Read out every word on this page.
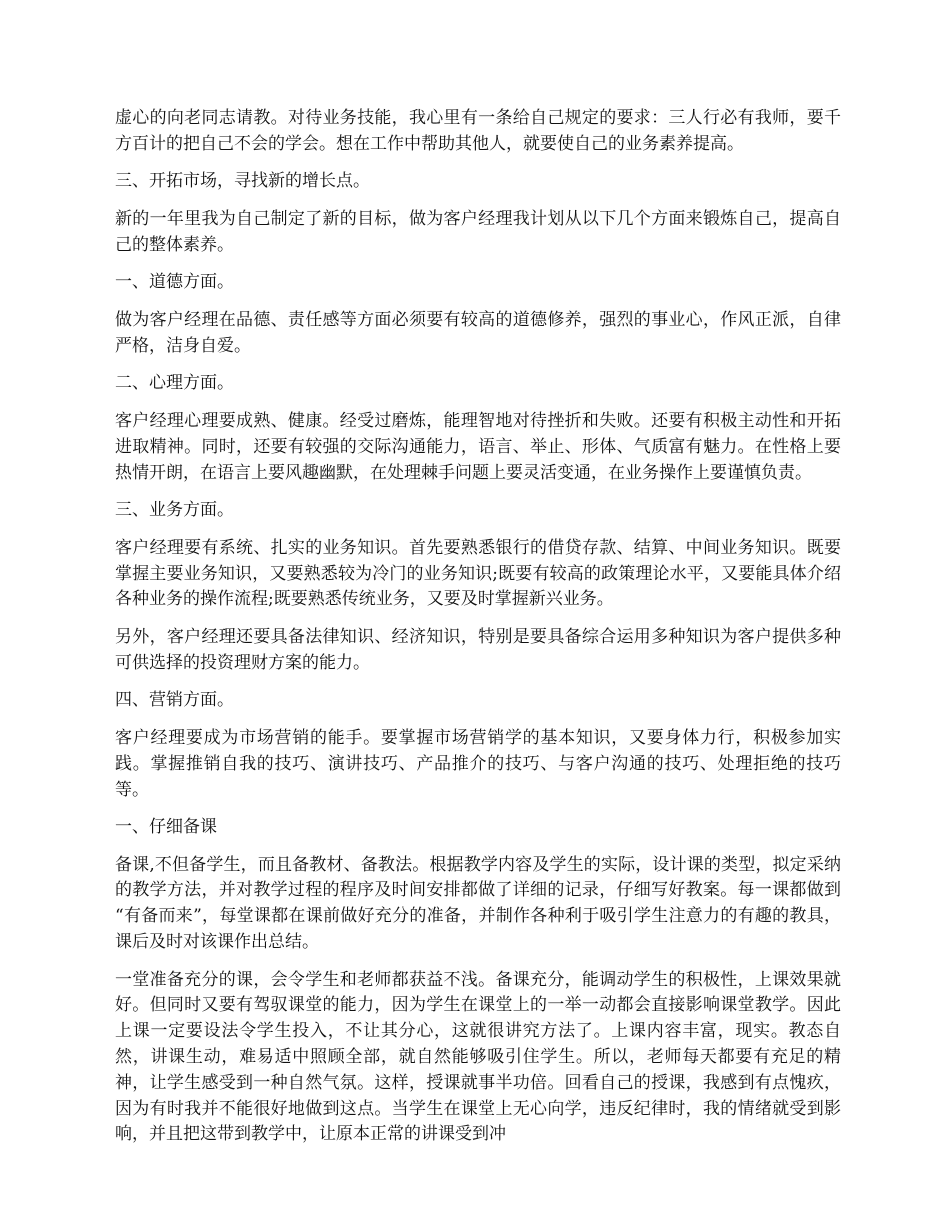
虚心的向老同志请教。对待业务技能，我心里有一条给自己规定的要求：三人行必有我师，要千方百计的把自己不会的学会。想在工作中帮助其他人，就要使自己的业务素养提高。

三、开拓市场，寻找新的增长点。

新的一年里我为自己制定了新的目标，做为客户经理我计划从以下几个方面来锻炼自己，提高自己的整体素养。

一、道德方面。

做为客户经理在品德、责任感等方面必须要有较高的道德修养，强烈的事业心，作风正派，自律严格，洁身自爱。

二、心理方面。

客户经理心理要成熟、健康。经受过磨炼，能理智地对待挫折和失败。还要有积极主动性和开拓进取精神。同时，还要有较强的交际沟通能力，语言、举止、形体、气质富有魅力。在性格上要热情开朗，在语言上要风趣幽默，在处理棘手问题上要灵活变通，在业务操作上要谨慎负责。

三、业务方面。

客户经理要有系统、扎实的业务知识。首先要熟悉银行的借贷存款、结算、中间业务知识。既要掌握主要业务知识，又要熟悉较为冷门的业务知识;既要有较高的政策理论水平，又要能具体介绍各种业务的操作流程;既要熟悉传统业务，又要及时掌握新兴业务。

另外，客户经理还要具备法律知识、经济知识，特别是要具备综合运用多种知识为客户提供多种可供选择的投资理财方案的能力。

四、营销方面。

客户经理要成为市场营销的能手。要掌握市场营销学的基本知识，又要身体力行，积极参加实践。掌握推销自我的技巧、演讲技巧、产品推介的技巧、与客户沟通的技巧、处理拒绝的技巧等。

一、仔细备课

备课,不但备学生，而且备教材、备教法。根据教学内容及学生的实际，设计课的类型，拟定采纳的教学方法，并对教学过程的程序及时间安排都做了详细的记录，仔细写好教案。每一课都做到 “有备而来”，每堂课都在课前做好充分的准备，并制作各种利于吸引学生注意力的有趣的教具，课后及时对该课作出总结。

一堂准备充分的课，会令学生和老师都获益不浅。备课充分，能调动学生的积极性，上课效果就好。但同时又要有驾驭课堂的能力，因为学生在课堂上的一举一动都会直接影响课堂教学。因此上课一定要设法令学生投入，不让其分心，这就很讲究方法了。上课内容丰富，现实。教态自然，讲课生动，难易适中照顾全部，就自然能够吸引住学生。所以，老师每天都要有充足的精神，让学生感受到一种自然气氛。这样，授课就事半功倍。回看自己的授课，我感到有点愧疚，因为有时我并不能很好地做到这点。当学生在课堂上无心向学，违反纪律时，我的情绪就受到影响，并且把这带到教学中，让原本正常的讲课受到冲
